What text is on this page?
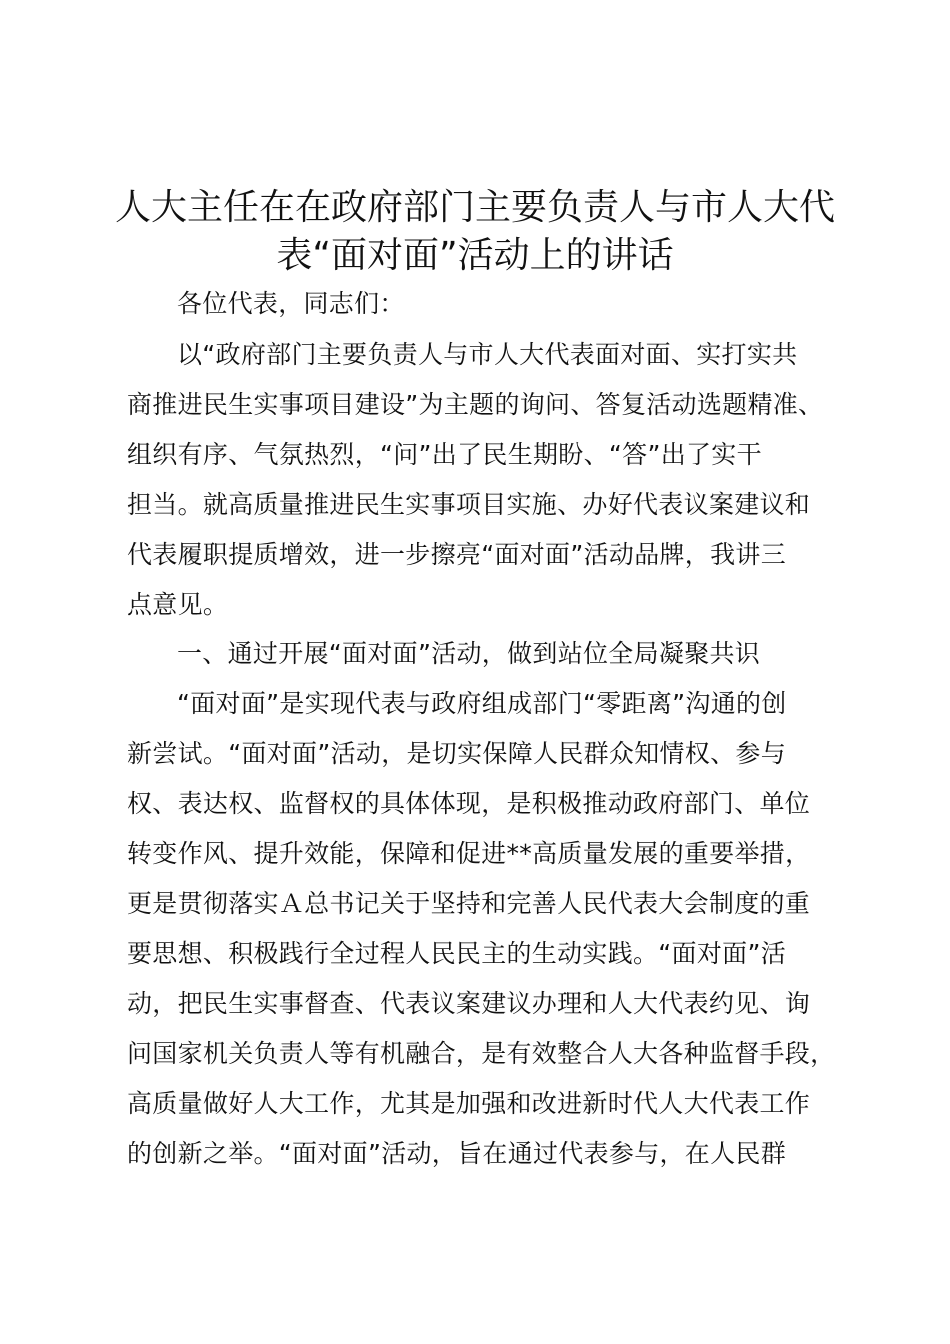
人大主任在在政府部门主要负责人与市人大代
表“面对面”活动上的讲话

各位代表，同志们：

以“政府部门主要负责人与市人大代表面对面、实打实共

商推进民生实事项目建设”为主题的询问、答复活动选题精准、

组织有序、气氛热烈，“问”出了民生期盼、“答”出了实干

担当。就高质量推进民生实事项目实施、办好代表议案建议和

代表履职提质增效，进一步擦亮“面对面”活动品牌，我讲三

点意见。

一、通过开展“面对面”活动，做到站位全局凝聚共识

“面对面”是实现代表与政府组成部门“零距离”沟通的创

新尝试。“面对面”活动，是切实保障人民群众知情权、参与

权、表达权、监督权的具体体现，是积极推动政府部门、单位

转变作风、提升效能，保障和促进**高质量发展的重要举措，

更是贯彻落实Ａ总书记关于坚持和完善人民代表大会制度的重

要思想、积极践行全过程人民民主的生动实践。“面对面”活

动，把民生实事督查、代表议案建议办理和人大代表约见、询

问国家机关负责人等有机融合，是有效整合人大各种监督手段，

高质量做好人大工作，尤其是加强和改进新时代人大代表工作

的创新之举。“面对面”活动，旨在通过代表参与，在人民群
